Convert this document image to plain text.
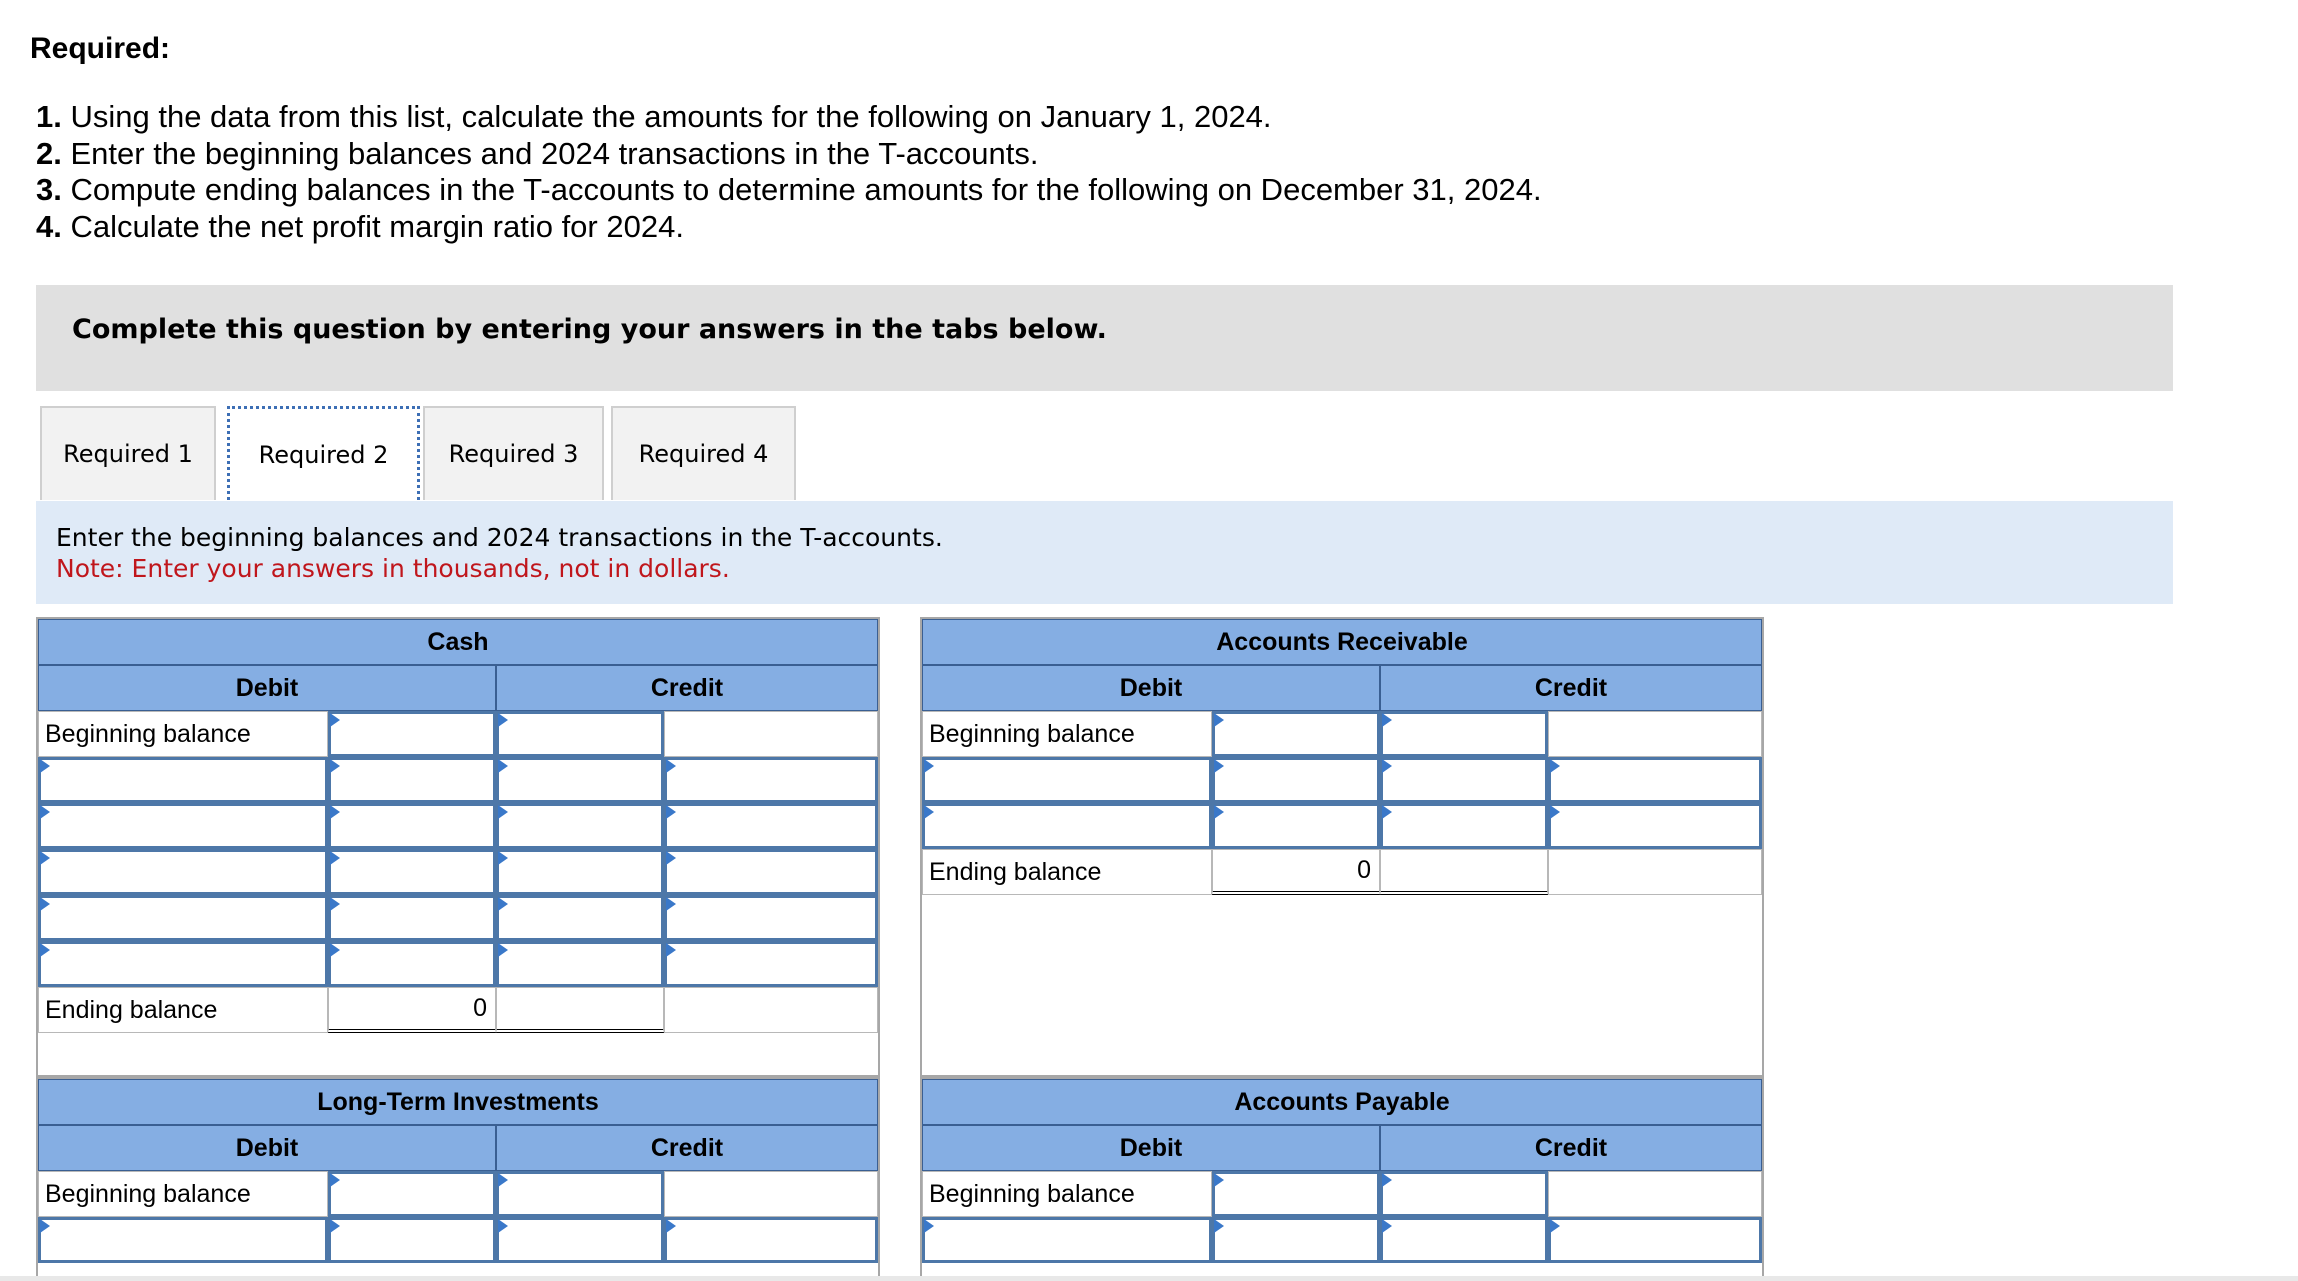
Required:
1. Using the data from this list, calculate the amounts for the following on January 1, 2024.
2. Enter the beginning balances and 2024 transactions in the T-accounts.
3. Compute ending balances in the T-accounts to determine amounts for the following on December 31, 2024.
4. Calculate the net profit margin ratio for 2024.
Complete this question by entering your answers in the tabs below.
Required 1	Required 2	Required 3	Required 4
Enter the beginning balances and 2024 transactions in the T-accounts.
Note: Enter your answers in thousands, not in dollars.
Cash
Debit	Credit
Beginning balance
Ending balance	0
Accounts Receivable
Debit	Credit
Beginning balance
Ending balance	0
Long-Term Investments
Debit	Credit
Beginning balance
Accounts Payable
Debit	Credit
Beginning balance
